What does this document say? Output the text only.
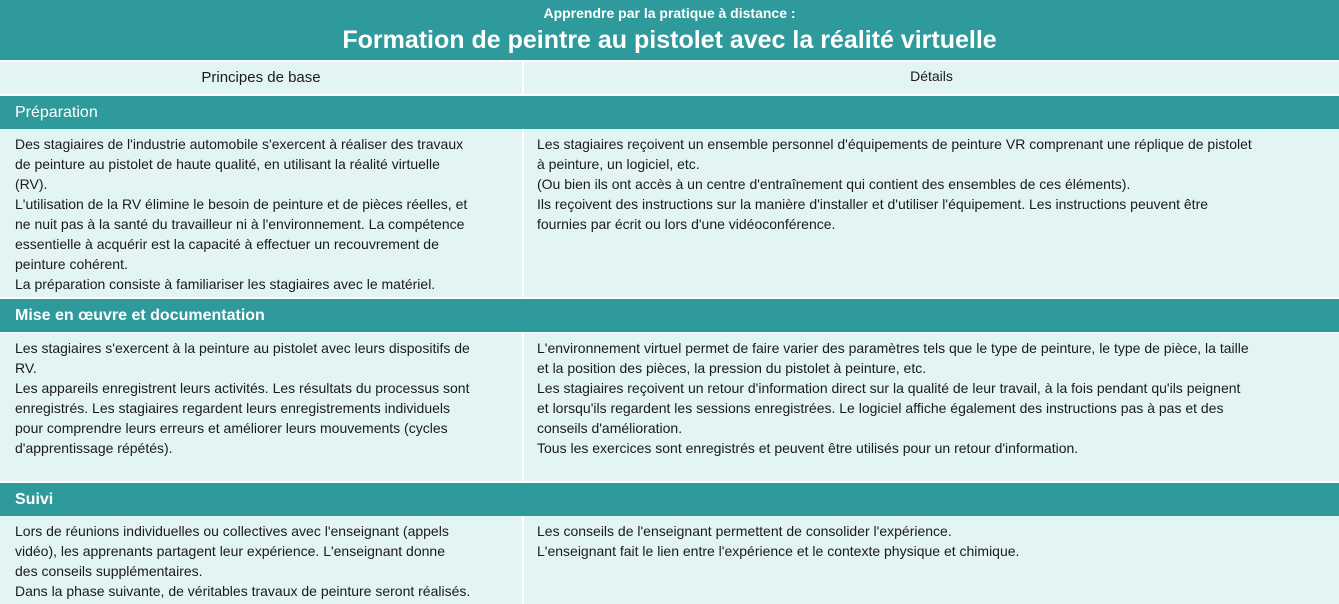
Apprendre par la pratique à distance :
Formation de peintre au pistolet avec la réalité virtuelle
Principes de base	Détails
Préparation
Des stagiaires de l'industrie automobile s'exercent à réaliser des travaux
de peinture au pistolet de haute qualité, en utilisant la réalité virtuelle
(RV).
L'utilisation de la RV élimine le besoin de peinture et de pièces réelles, et
ne nuit pas à la santé du travailleur ni à l'environnement. La compétence
essentielle à acquérir est la capacité à effectuer un recouvrement de
peinture cohérent.
La préparation consiste à familiariser les stagiaires avec le matériel.
Les stagiaires reçoivent un ensemble personnel d'équipements de peinture VR comprenant une réplique de pistolet
à peinture, un logiciel, etc.
(Ou bien ils ont accès à un centre d'entraînement qui contient des ensembles de ces éléments).
Ils reçoivent des instructions sur la manière d'installer et d'utiliser l'équipement. Les instructions peuvent être
fournies par écrit ou lors d'une vidéoconférence.
Mise en œuvre et documentation
Les stagiaires s'exercent à la peinture au pistolet avec leurs dispositifs de
RV.
Les appareils enregistrent leurs activités. Les résultats du processus sont
enregistrés. Les stagiaires regardent leurs enregistrements individuels
pour comprendre leurs erreurs et améliorer leurs mouvements (cycles
d'apprentissage répétés).
L'environnement virtuel permet de faire varier des paramètres tels que le type de peinture, le type de pièce, la taille
et la position des pièces, la pression du pistolet à peinture, etc.
Les stagiaires reçoivent un retour d'information direct sur la qualité de leur travail, à la fois pendant qu'ils peignent
et lorsqu'ils regardent les sessions enregistrées. Le logiciel affiche également des instructions pas à pas et des
conseils d'amélioration.
Tous les exercices sont enregistrés et peuvent être utilisés pour un retour d'information.
Suivi
Lors de réunions individuelles ou collectives avec l'enseignant (appels
vidéo), les apprenants partagent leur expérience. L'enseignant donne
des conseils supplémentaires.
Dans la phase suivante, de véritables travaux de peinture seront réalisés.
Les conseils de l'enseignant permettent de consolider l'expérience.
L'enseignant fait le lien entre l'expérience et le contexte physique et chimique.
